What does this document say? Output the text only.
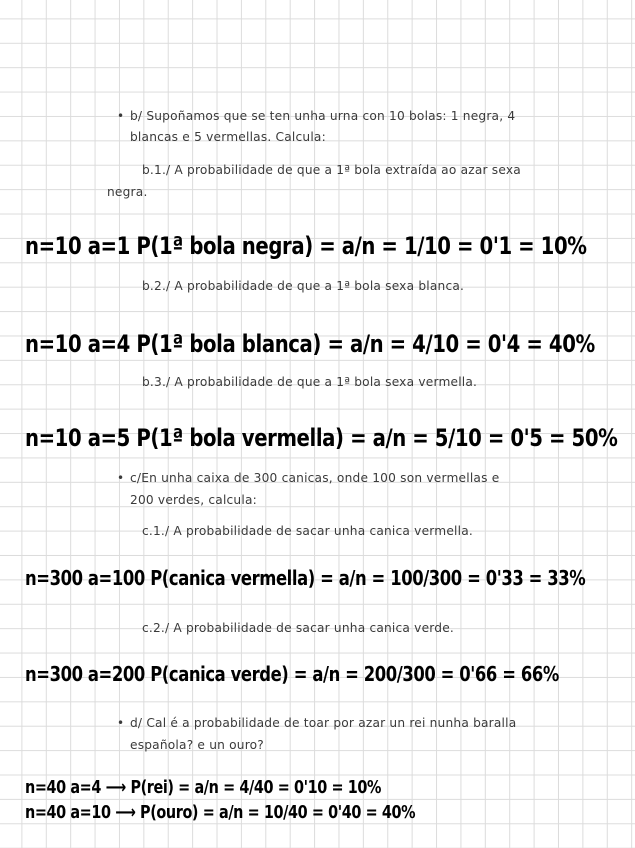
• b/ Supoñamos que se ten unha urna con 10 bolas: 1 negra, 4
blancas e 5 vermellas. Calcula:
b.1./ A probabilidade de que a 1ª bola extraída ao azar sexa
negra.
n=10 a=1 P(1ª bola negra) = a/n = 1/10 = 0'1 = 10%
b.2./ A probabilidade de que a 1ª bola sexa blanca.
n=10 a=4 P(1ª bola blanca) = a/n = 4/10 = 0'4 = 40%
b.3./ A probabilidade de que a 1ª bola sexa vermella.
n=10 a=5 P(1ª bola vermella) = a/n = 5/10 = 0'5 = 50%
• c/En unha caixa de 300 canicas, onde 100 son vermellas e
200 verdes, calcula:
c.1./ A probabilidade de sacar unha canica vermella.
n=300 a=100 P(canica vermella) = a/n = 100/300 = 0'33 = 33%
c.2./ A probabilidade de sacar unha canica verde.
n=300 a=200 P(canica verde) = a/n = 200/300 = 0'66 = 66%
• d/ Cal é a probabilidade de toar por azar un rei nunha baralla
española? e un ouro?
n=40 a=4 ⟶ P(rei) = a/n = 4/40 = 0'10 = 10%
n=40 a=10 ⟶ P(ouro) = a/n = 10/40 = 0'40 = 40%
